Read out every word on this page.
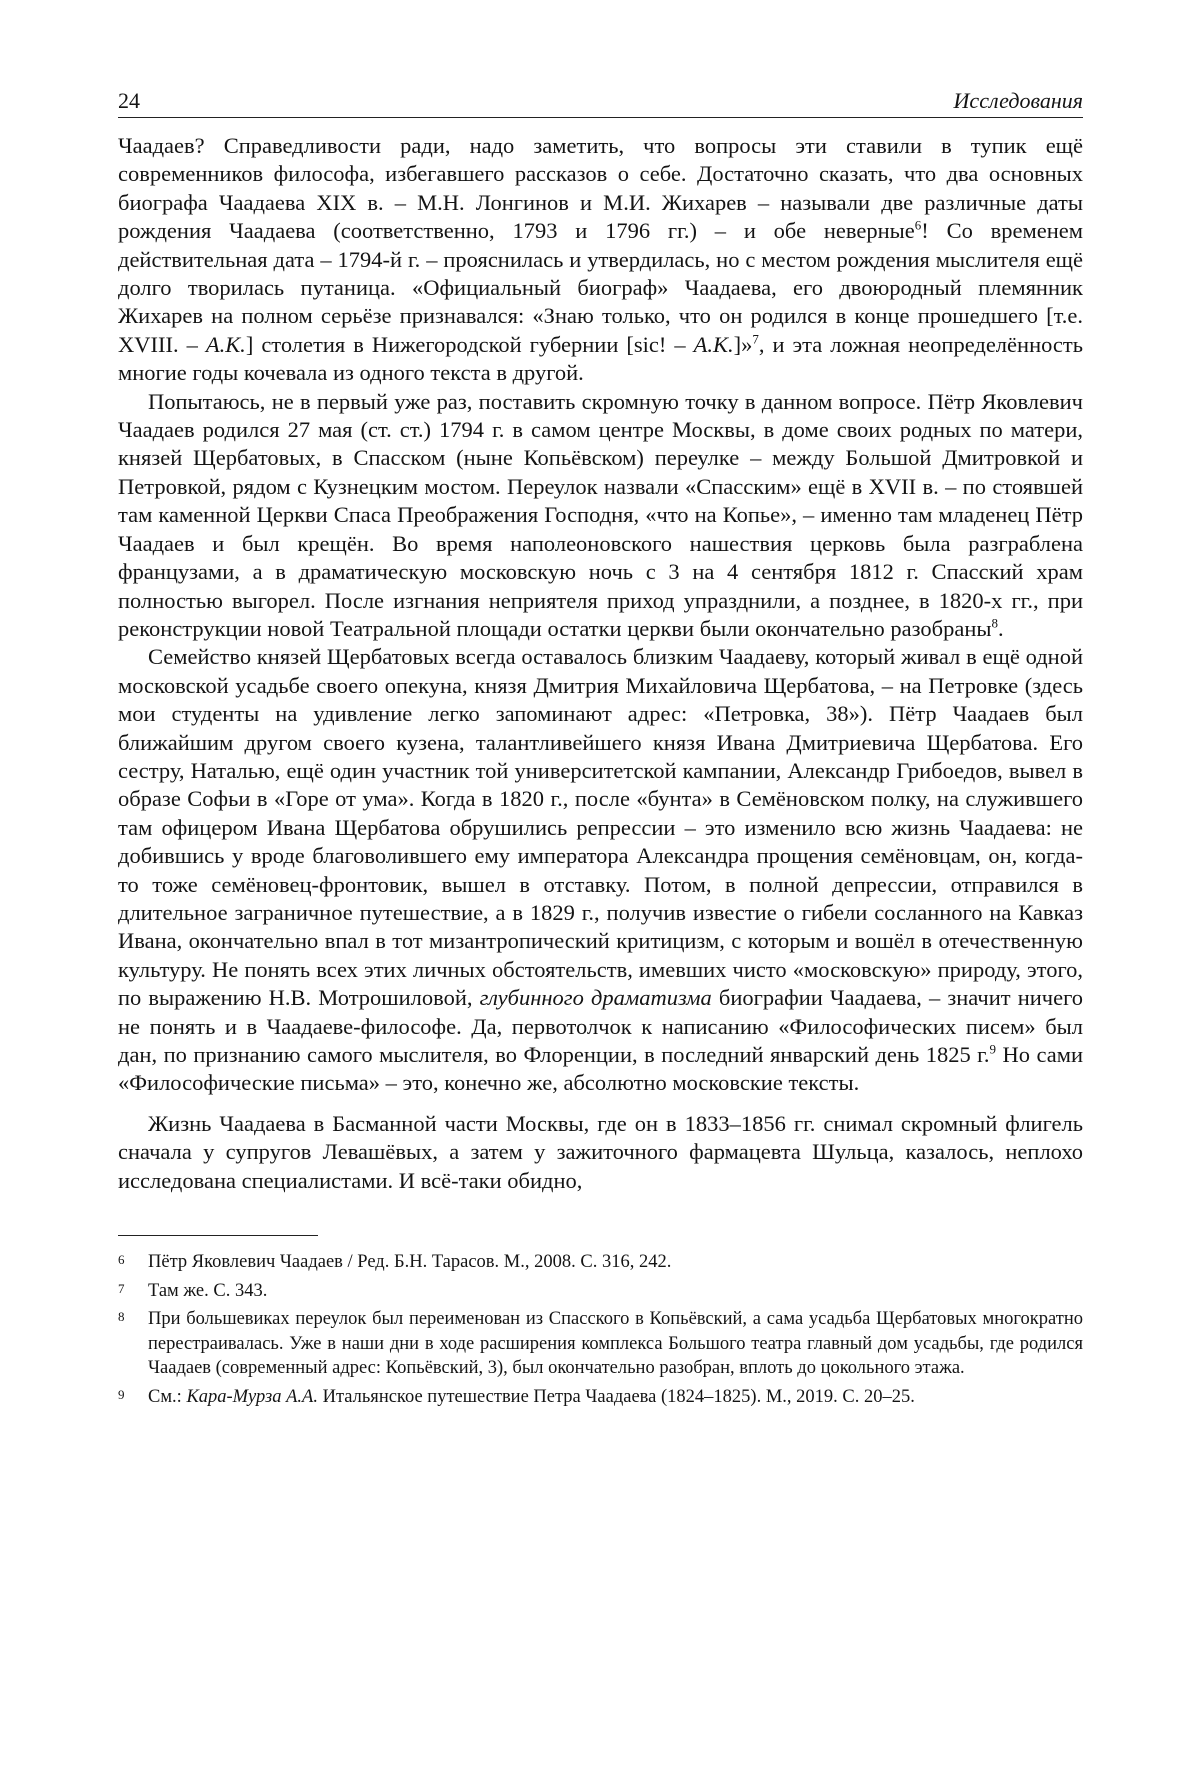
24	Исследования

Чаадаев? Справедливости ради, надо заметить, что вопросы эти ставили в тупик ещё современников философа, избегавшего рассказов о себе. Достаточно сказать, что два основных биографа Чаадаева XIX в. – М.Н. Лонгинов и М.И. Жихарев – называли две различные даты рождения Чаадаева (соответственно, 1793 и 1796 гг.) – и обе неверные$^6$! Со временем действительная дата – 1794-й г. – прояснилась и утвердилась, но с местом рождения мыслителя ещё долго творилась путаница. «Официальный биограф» Чаадаева, его двоюродный племянник Жихарев на полном серьёзе признавался: «Знаю только, что он родился в конце прошедшего [т.е. XVIII. – А.К.] столетия в Нижегородской губернии [sic! – А.К.]»$^7$, и эта ложная неопределённость многие годы кочевала из одного текста в другой.

Попытаюсь, не в первый уже раз, поставить скромную точку в данном вопросе. Пётр Яковлевич Чаадаев родился 27 мая (ст. ст.) 1794 г. в самом центре Москвы, в доме своих родных по матери, князей Щербатовых, в Спасском (ныне Копьёвском) переулке – между Большой Дмитровкой и Петровкой, рядом с Кузнецким мостом. Переулок назвали «Спасским» ещё в XVII в. – по стоявшей там каменной Церкви Спаса Преображения Господня, «что на Копье», – именно там младенец Пётр Чаадаев и был крещён. Во время наполеоновского нашествия церковь была разграблена французами, а в драматическую московскую ночь с 3 на 4 сентября 1812 г. Спасский храм полностью выгорел. После изгнания неприятеля приход упразднили, а позднее, в 1820-х гг., при реконструкции новой Театральной площади остатки церкви были окончательно разобраны$^8$.

Семейство князей Щербатовых всегда оставалось близким Чаадаеву, который живал в ещё одной московской усадьбе своего опекуна, князя Дмитрия Михайловича Щербатова, – на Петровке (здесь мои студенты на удивление легко запоминают адрес: «Петровка, 38»). Пётр Чаадаев был ближайшим другом своего кузена, талантливейшего князя Ивана Дмитриевича Щербатова. Его сестру, Наталью, ещё один участник той университетской кампании, Александр Грибоедов, вывел в образе Софьи в «Горе от ума». Когда в 1820 г., после «бунта» в Семёновском полку, на служившего там офицером Ивана Щербатова обрушились репрессии – это изменило всю жизнь Чаадаева: не добившись у вроде благоволившего ему императора Александра прощения семёновцам, он, когда-то тоже семёновец-фронтовик, вышел в отставку. Потом, в полной депрессии, отправился в длительное заграничное путешествие, а в 1829 г., получив известие о гибели сосланного на Кавказ Ивана, окончательно впал в тот мизантропический критицизм, с которым и вошёл в отечественную культуру. Не понять всех этих личных обстоятельств, имевших чисто «московскую» природу, этого, по выражению Н.В. Мотрошиловой, глубинного драматизма биографии Чаадаева, – значит ничего не понять и в Чаадаеве-философе. Да, первотолчок к написанию «Философических писем» был дан, по признанию самого мыслителя, во Флоренции, в последний январский день 1825 г.$^9$ Но сами «Философические письма» – это, конечно же, абсолютно московские тексты.

Жизнь Чаадаева в Басманной части Москвы, где он в 1833–1856 гг. снимал скромный флигель сначала у супругов Левашёвых, а затем у зажиточного фармацевта Шульца, казалось, неплохо исследована специалистами. И всё-таки обидно,

6	Пётр Яковлевич Чаадаев / Ред. Б.Н. Тарасов. М., 2008. С. 316, 242.
7	Там же. С. 343.
8	При большевиках переулок был переименован из Спасского в Копьёвский, а сама усадьба Щербатовых многократно перестраивалась. Уже в наши дни в ходе расширения комплекса Большого театра главный дом усадьбы, где родился Чаадаев (современный адрес: Копьёвский, 3), был окончательно разобран, вплоть до цокольного этажа.
9	См.: Кара-Мурза А.А. Итальянское путешествие Петра Чаадаева (1824–1825). М., 2019. С. 20–25.
